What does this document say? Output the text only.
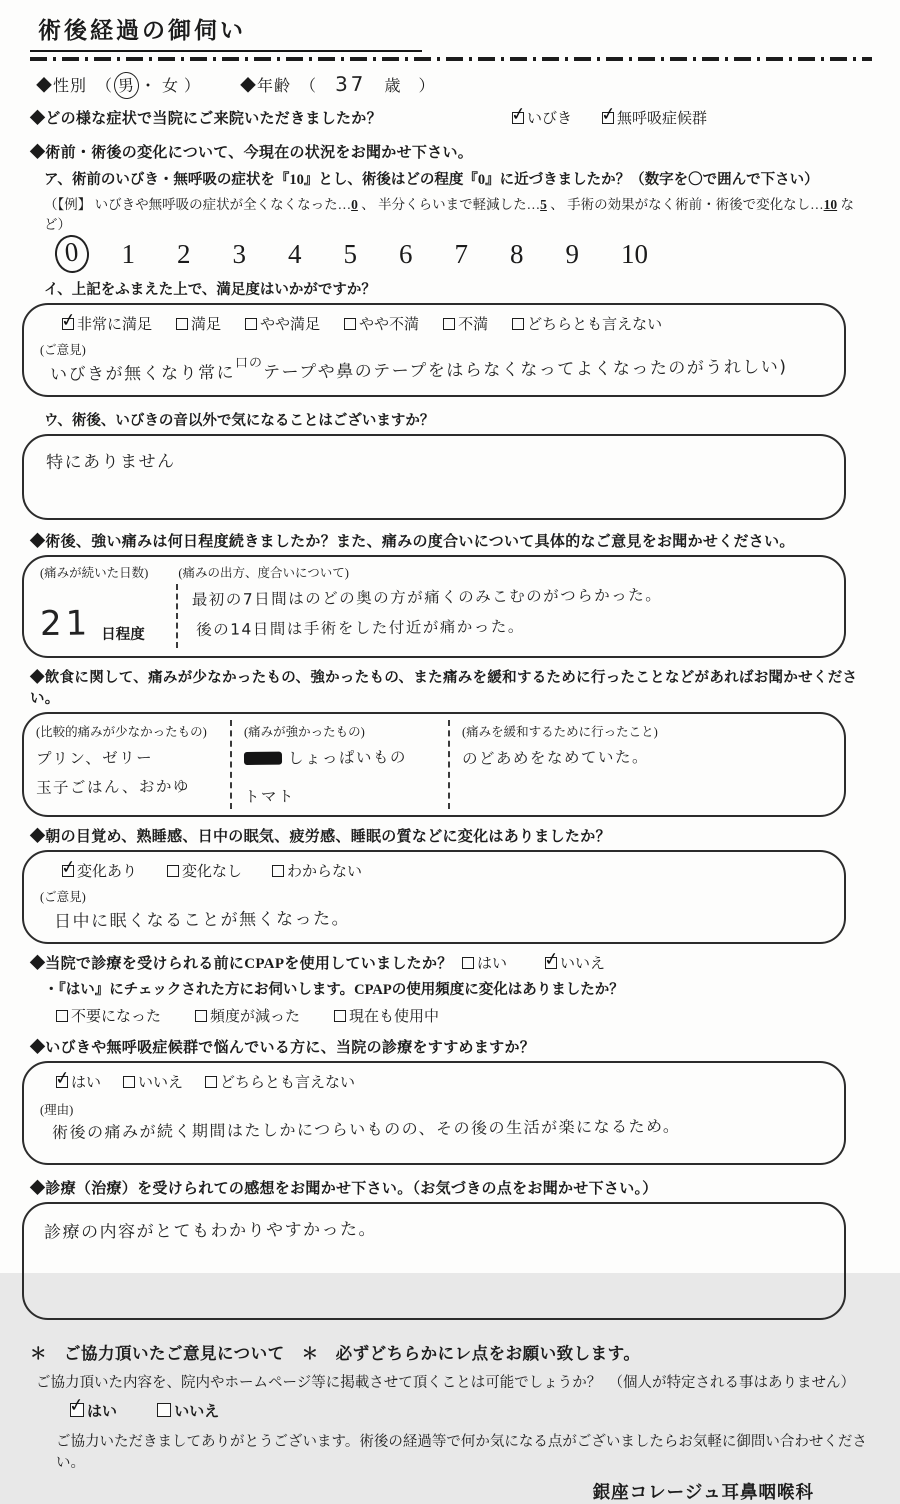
術後経過の御伺い
◆性別　（ 男 ・ 女 ） ◆年齢　（ 37 歳　）
◆どの様な症状で当院にご来院いただきましたか？ ✓	いびき ✓	無呼吸症候群
◆術前・術後の変化について、今現在の状況をお聞かせ下さい。
ア、術前のいびき・無呼吸の症状を『10』とし、術後はどの程度『0』に近づきましたか？（数字を〇で囲んで下さい）
（【例】 いびきや無呼吸の症状が全くなくなった…0 、 半分くらいまで軽減した…5 、 手術の効果がなく術前・術後で変化なし…10 など）
0	1 2 3 4 5 6 7 8 9 10
イ、上記をふまえた上で、満足度はいかがですか？
✓非常に満足	満足	やや満足	やや不満	不満	どちらとも言えない
(ご意見)
いびきが無くなり常に口のテープや鼻のテープをはらなくなってよくなったのがうれしい)
ウ、術後、いびきの音以外で気になることはございますか？
特にありません
◆術後、強い痛みは何日程度続きましたか？また、痛みの度合いについて具体的なご意見をお聞かせください。
(痛みが続いた日数) (痛みの出方、度合いについて)
21 日程度
最初の7日間はのどの奥の方が痛くのみこむのがつらかった。
後の14日間は手術をした付近が痛かった。
◆飲食に関して、痛みが少なかったもの、強かったもの、また痛みを緩和するために行ったことなどがあればお聞かせください。
(比較的痛みが少なかったもの)
プリン、ゼリー
玉子ごはん、おかゆ
(痛みが強かったもの)
しょっぱいもの
トマト
(痛みを緩和するために行ったこと)
のどあめをなめていた。
◆朝の目覚め、熟睡感、日中の眠気、疲労感、睡眠の質などに変化はありましたか？
✓変化あり	変化なし	わからない
(ご意見)
日中に眠くなることが無くなった。
◆当院で診療を受けられる前にCPAPを使用していましたか？	はい ✓	いいえ
・『はい』にチェックされた方にお伺いします。CPAPの使用頻度に変化はありましたか？
不要になった	頻度が減った	現在も使用中
◆いびきや無呼吸症候群で悩んでいる方に、当院の診療をすすめますか？
✓はい いいえ どちらとも言えない
(理由)
術後の痛みが続く期間はたしかにつらいものの、その後の生活が楽になるため。
◆診療（治療）を受けられての感想をお聞かせ下さい。（お気づきの点をお聞かせ下さい。）
診療の内容がとてもわかりやすかった。
＊　ご協力頂いたご意見について　＊　必ずどちらかにレ点をお願い致します。
ご協力頂いた内容を、院内やホームページ等に掲載させて頂くことは可能でしょうか？　（個人が特定される事はありません）
✓はい	いいえ
ご協力いただきましてありがとうございます。術後の経過等で何か気になる点がございましたらお気軽に御問い合わせください。
銀座コレージュ耳鼻咽喉科
